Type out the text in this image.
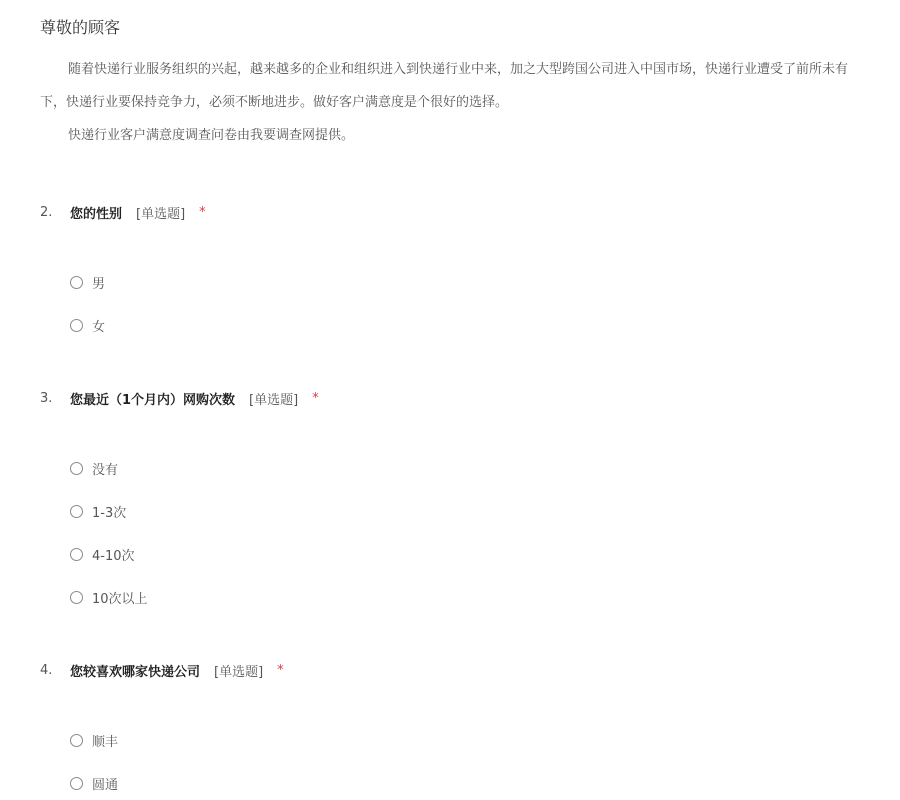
尊敬的顾客
随着快递行业服务组织的兴起，越来越多的企业和组织进入到快递行业中来，加之大型跨国公司进入中国市场，快递行业遭受了前所未有
下，快递行业要保持竞争力，必须不断地进步。做好客户满意度是个很好的选择。
快递行业客户满意度调查问卷由我要调查网提供。
2.	您的性别 [单选题] *
男
女
3.	您最近（1个月内）网购次数 [单选题] *
没有
1-3次
4-10次
10次以上
4.	您较喜欢哪家快递公司 [单选题] *
顺丰
圆通
